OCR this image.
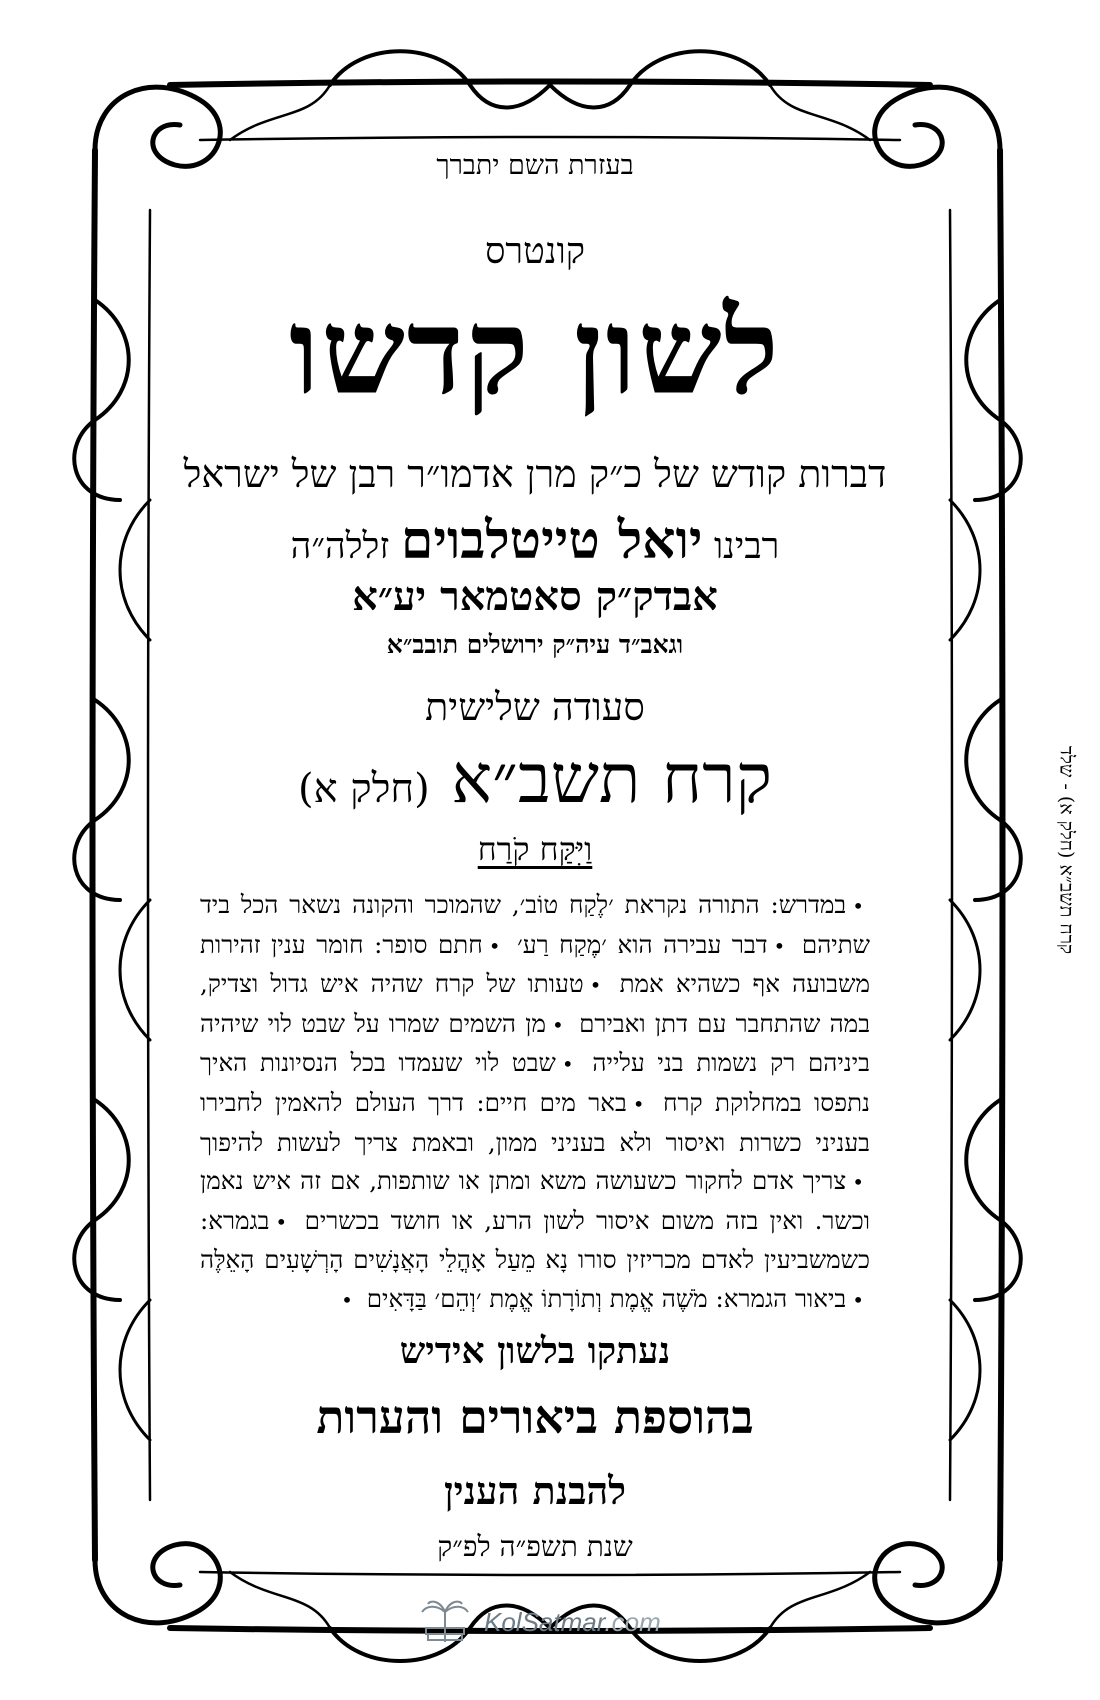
בעזרת השם יתברך
קונטרס
לשון קדשו
דברות קודש של כ״ק מרן אדמו״ר רבן של ישראל
רבינו יואל טייטלבוים זללה״ה
אבדק״ק סאטמאר יע״א
וגאב״ד עיה״ק ירושלים תובב״א
סעודה שלישית
קרח תשב״א (חלק א)
וַיִּקַּח קֹרַח
•במדרש: התורה נקראת ׳לֶקַח טוֹב׳, שהמוכר והקונה נשאר הכל ביד שתיהם •דבר עבירה הוא ׳מֶקַח רַע׳ •חתם סופר: חומר ענין זהירות משבועה אף כשהיא אמת •טעותו של קרח שהיה איש גדול וצדיק, במה שהתחבר עם דתן ואבירם •מן השמים שמרו על שבט לוי שיהיה ביניהם רק נשמות בני עלייה •שבט לוי שעמדו בכל הנסיונות האיך נתפסו במחלוקת קרח •באר מים חיים: דרך העולם להאמין לחבירו בעניני כשרות ואיסור ולא בעניני ממון, ובאמת צריך לעשות להיפוך •צריך אדם לחקור כשעושה משא ומתן או שותפות, אם זה איש נאמן וכשר. ואין בזה משום איסור לשון הרע, או חושד בכשרים •בגמרא: כשמשביעין לאדם מכריזין סורו נָא מֵעַל אָהֳלֵי הָאֲנָשִׁים הָרְשָׁעִים הָאֵלֶּה •ביאור הגמרא: מֹשֶׁה אֱמֶת וְתוֹרָתוֹ אֱמֶת ׳וְהֵם׳ בַּדָּאִים •
נעתקו בלשון אידיש
בהוספת ביאורים והערות
להבנת הענין
שנת תשפ״ה לפ״ק
קרח תשב״א (חלק א) - שלד
KolSatmar.com
